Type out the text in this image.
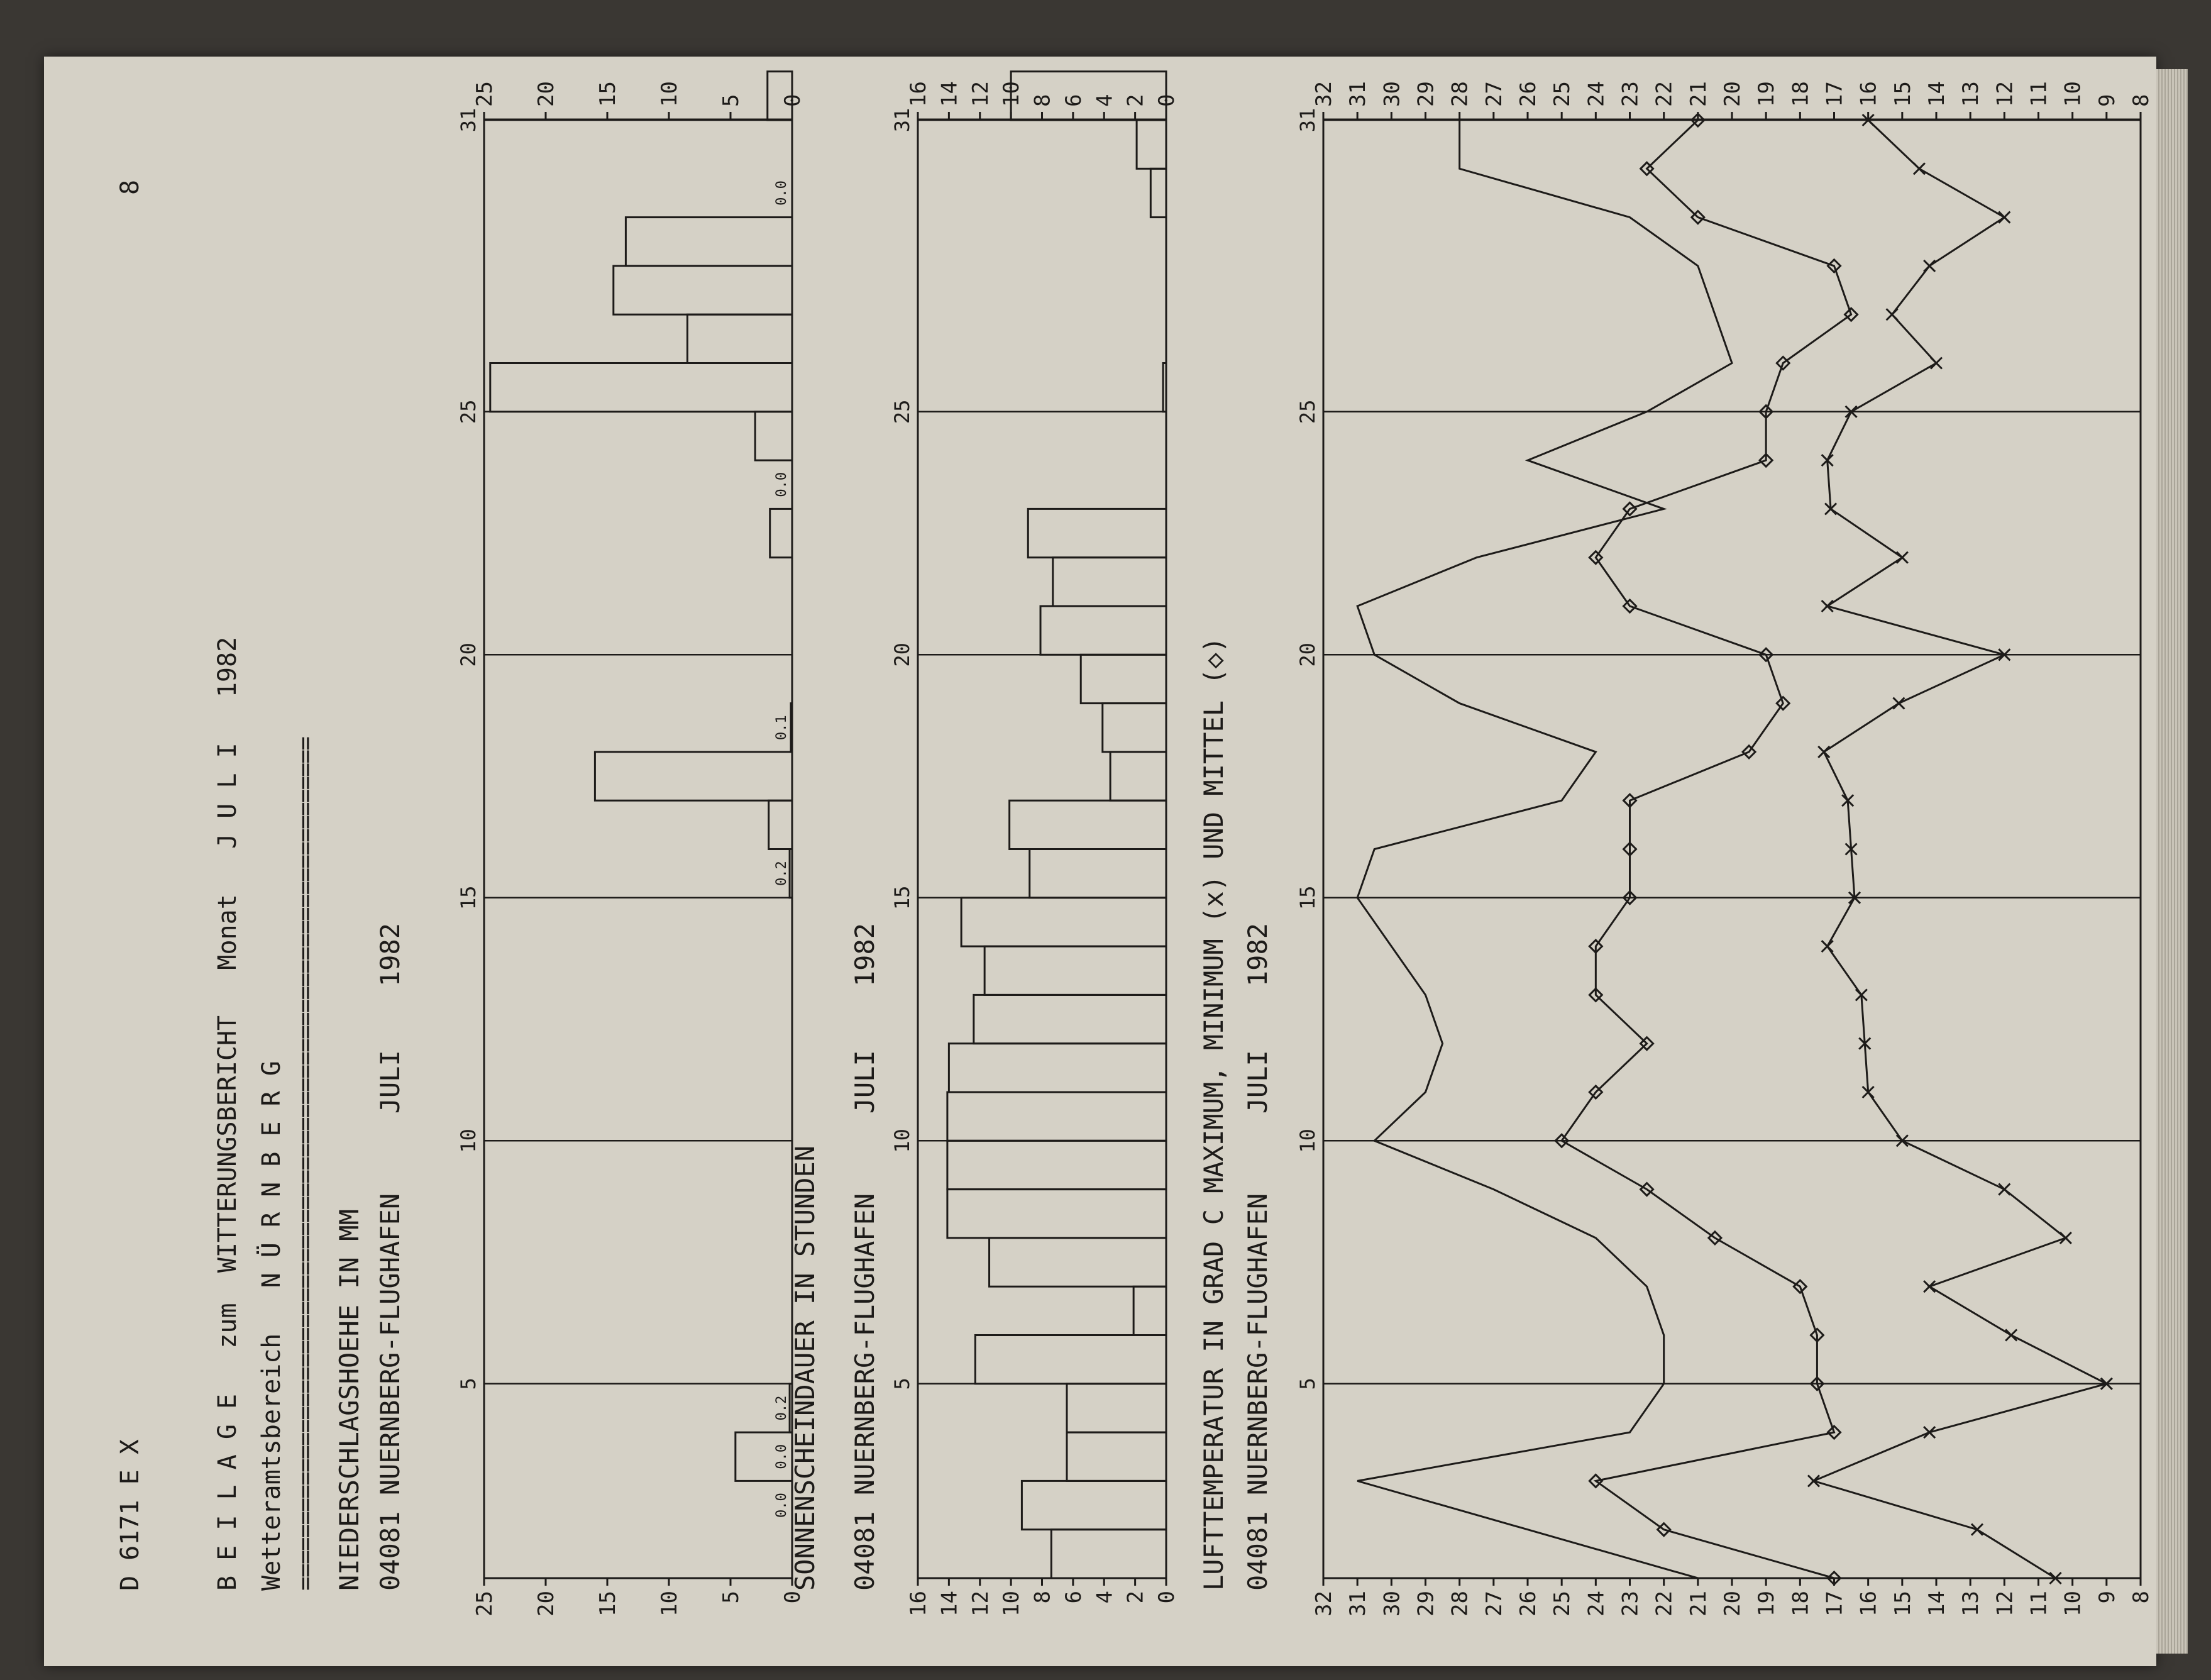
D 6171 E X
8
B E I L A G E   zum  WITTERUNGSBERICHT   Monat   J U L I   1982 Wetteramtsbereich   N Ü R N B E R G ================================================================= NIEDERSCHLAGSHOEHE IN MM 04081 NUERNBERG-FLUGHAFEN     JULI    1982
0
0
5
5
10
10
15
15
20
20
25
25
5
10
15
20
25
31
0.0
0.0
0.2
0.2
0.1
0.0
0.0
SONNENSCHEINDAUER IN STUNDEN 04081 NUERNBERG-FLUGHAFEN     JULI    1982
0
0
2
2
4
4
6
6
8
8
10
10
12
12
14
14
16
16
5
10
15
20
25
31
LUFTTEMPERATUR IN GRAD C MAXIMUM, MINIMUM (x) UND MITTEL (◇) 04081 NUERNBERG-FLUGHAFEN     JULI    1982
8
8
9
9
10
10
11
11
12
12
13
13
14
14
15
15
16
16
17
17
18
18
19
19
20
20
21
21
22
22
23
23
24
24
25
25
26
26
27
27
28
28
29
29
30
30
31
31
32
32
5
10
15
20
25
31
